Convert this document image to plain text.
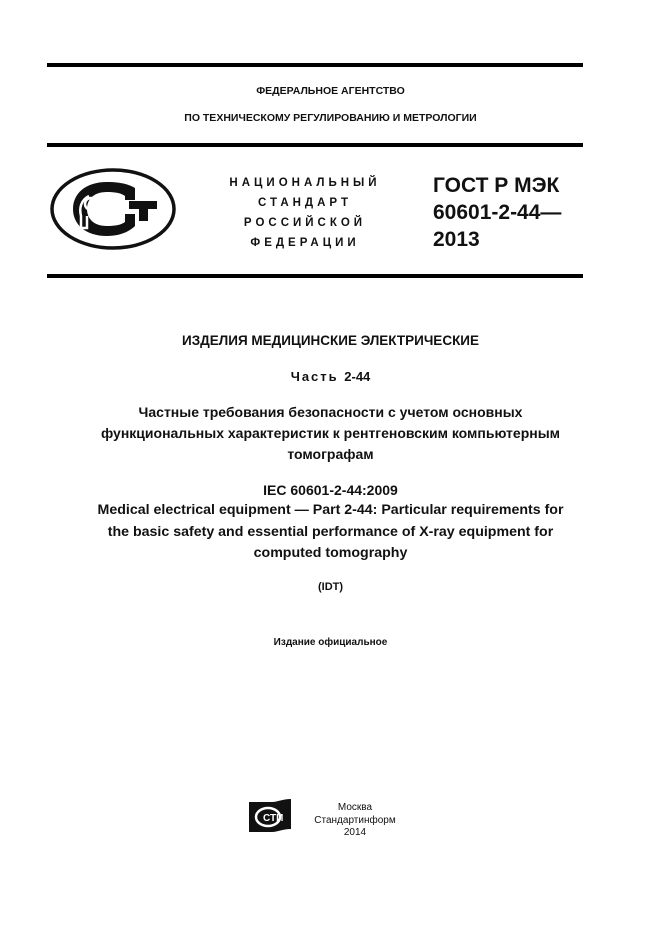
ФЕДЕРАЛЬНОЕ АГЕНТСТВО
ПО ТЕХНИЧЕСКОМУ РЕГУЛИРОВАНИЮ И МЕТРОЛОГИИ
НАЦИОНАЛЬНЫЙ
СТАНДАРТ
РОССИЙСКОЙ
ФЕДЕРАЦИИ
ГОСТ Р МЭК
60601-2-44—
2013
ИЗДЕЛИЯ МЕДИЦИНСКИЕ ЭЛЕКТРИЧЕСКИЕ
Часть 2-44
Частные требования безопасности с учетом основных
функциональных характеристик к рентгеновским компьютерным
томографам
IEC 60601-2-44:2009
Medical electrical equipment — Part 2-44: Particular requirements for
the basic safety and essential performance of X-ray equipment for
computed tomography
(IDT)
Издание официальное
СТИ
Москва
Стандартинформ
2014
